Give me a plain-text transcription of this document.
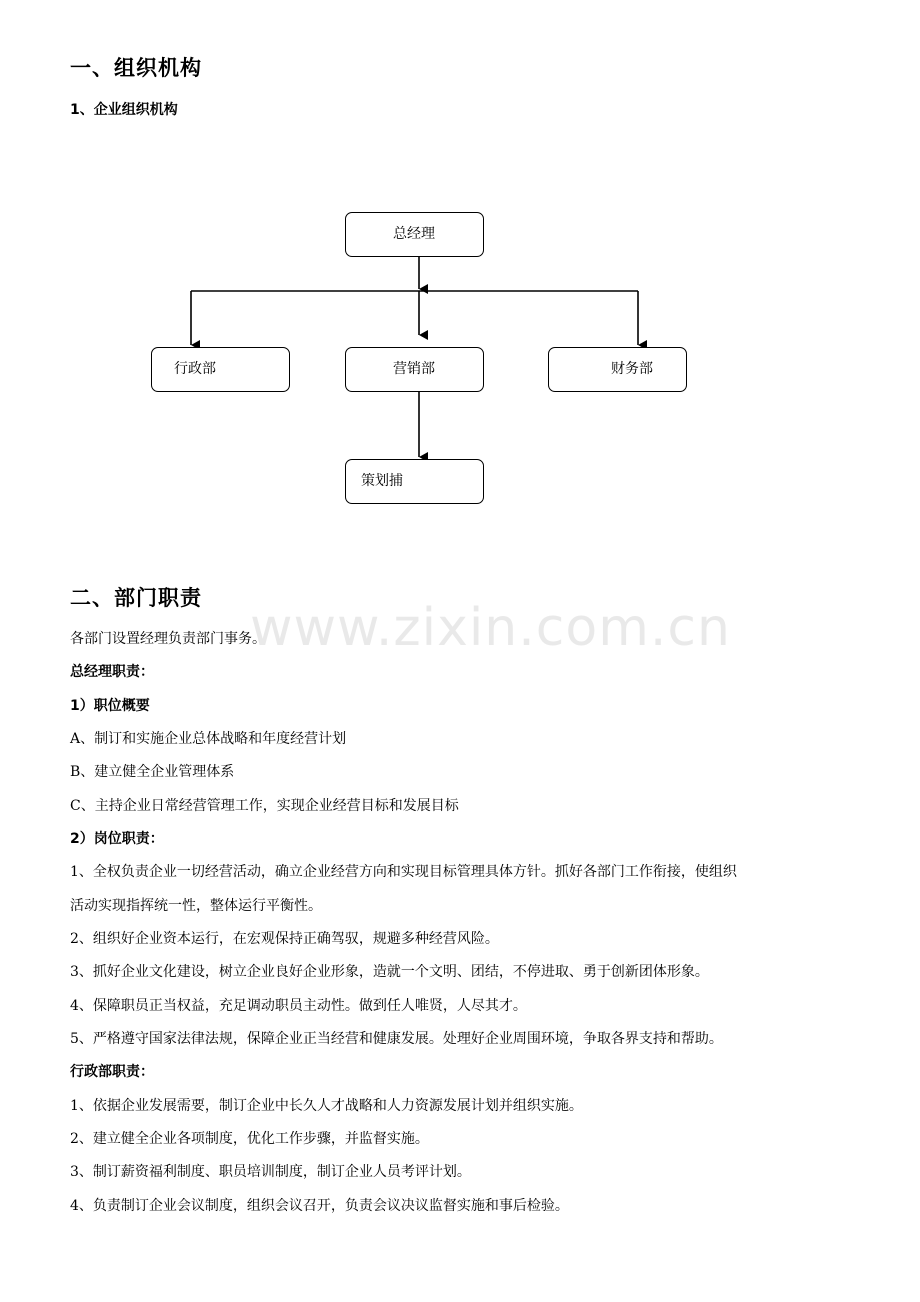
一、组织机构
1、企业组织机构
总经理
行政部	营销部	财务部
策划捕
二、部门职责 www.zixin.com.cn
各部门设置经理负责部门事务。
总经理职责：
1）职位概要
A、制订和实施企业总体战略和年度经营计划
B、建立健全企业管理体系
C、主持企业日常经营管理工作，实现企业经营目标和发展目标
2）岗位职责：
1、全权负责企业一切经营活动，确立企业经营方向和实现目标管理具体方针。抓好各部门工作衔接，使组织
活动实现指挥统一性，整体运行平衡性。
2、组织好企业资本运行，在宏观保持正确驾驭，规避多种经营风险。
3、抓好企业文化建设，树立企业良好企业形象，造就一个文明、团结，不停进取、勇于创新团体形象。
4、保障职员正当权益，充足调动职员主动性。做到任人唯贤，人尽其才。
5、严格遵守国家法律法规，保障企业正当经营和健康发展。处理好企业周围环境，争取各界支持和帮助。
行政部职责：
1、依据企业发展需要，制订企业中长久人才战略和人力资源发展计划并组织实施。
2、建立健全企业各项制度，优化工作步骤，并监督实施。
3、制订薪资福利制度、职员培训制度，制订企业人员考评计划。
4、负责制订企业会议制度，组织会议召开，负责会议决议监督实施和事后检验。
